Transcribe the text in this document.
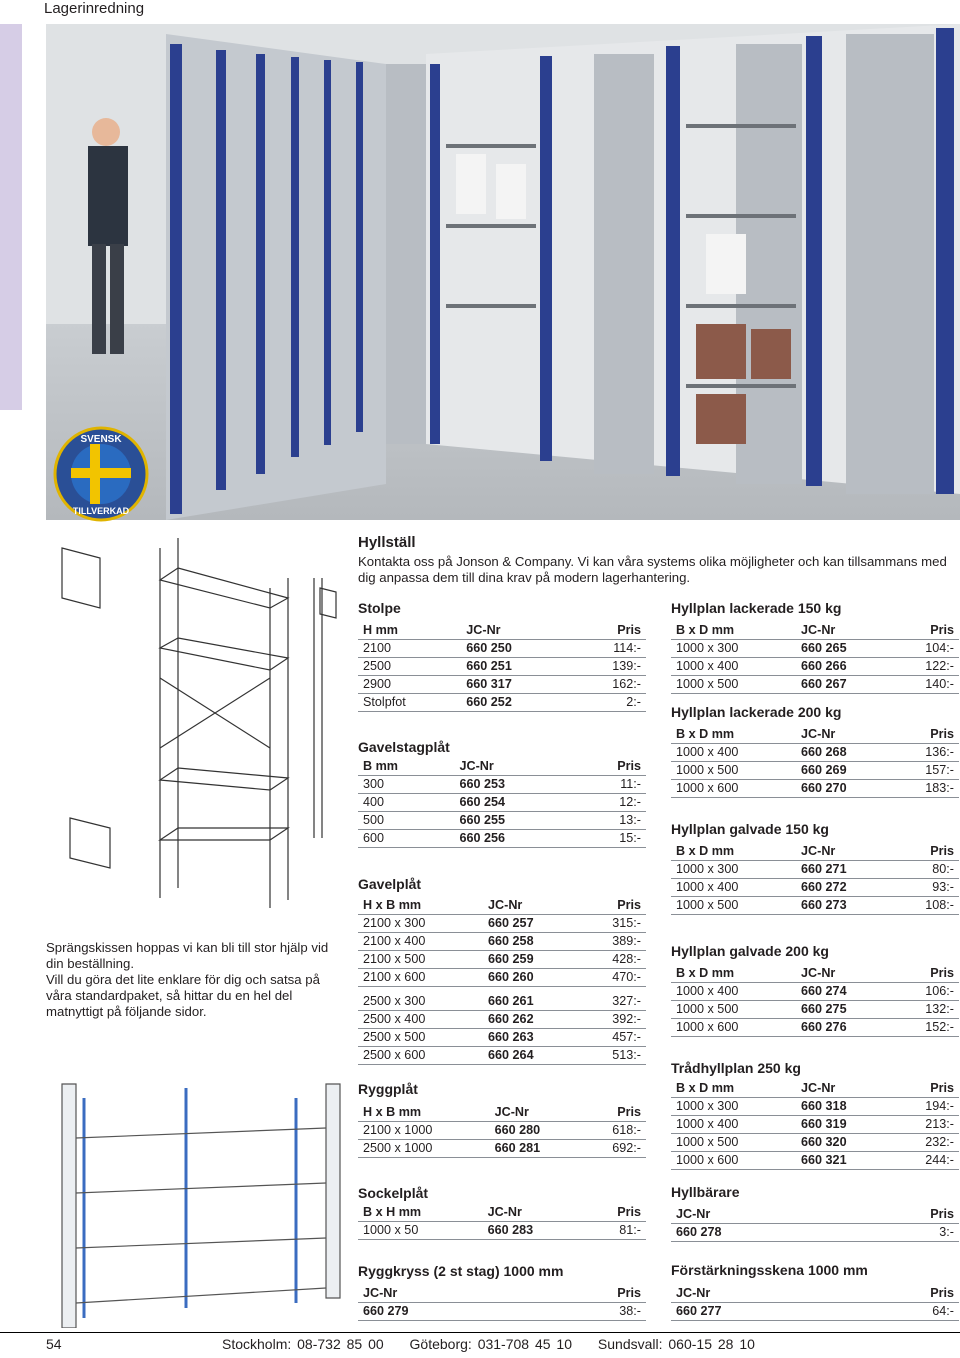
Lagerinredning
SVENSK
TILLVERKAD
Hyllställ
Kontakta oss på Jonson & Company. Vi kan våra systems olika möjligheter och kan tillsammans med dig anpassa dem till dina krav på modern lagerhantering.

Sprängskissen hoppas vi kan bli till stor hjälp vid din beställning.

Vill du göra det lite enklare för dig och satsa på våra standardpaket, så hittar du en hel del matnyttigt på följande sidor.

Stolpe
H mm	JC-Nr	Pris
2100	660 250	114:-
2500	660 251	139:-
2900	660 317	162:-
Stolpfot	660 252	2:-
Gavelstagplåt
B mm	JC-Nr	Pris
300	660 253	11:-
400	660 254	12:-
500	660 255	13:-
600	660 256	15:-
Gavelplåt
H x B mm	JC-Nr	Pris
2100 x 300	660 257	315:-
2100 x 400	660 258	389:-
2100 x 500	660 259	428:-
2100 x 600	660 260	470:-

2500 x 300	660 261	327:-
2500 x 400	660 262	392:-
2500 x 500	660 263	457:-
2500 x 600	660 264	513:-
Ryggplåt
H x B mm	JC-Nr	Pris
2100 x 1000	660 280	618:-
2500 x 1000	660 281	692:-
Sockelplåt
B x H mm	JC-Nr	Pris
1000 x 50	660 283	81:-
Ryggkryss (2 st stag) 1000 mm
JC-Nr	Pris
660 279	38:-
Hyllplan lackerade 150 kg
B x D mm	JC-Nr	Pris
1000 x 300	660 265	104:-
1000 x 400	660 266	122:-
1000 x 500	660 267	140:-
Hyllplan lackerade 200 kg
B x D mm	JC-Nr	Pris
1000 x 400	660 268	136:-
1000 x 500	660 269	157:-
1000 x 600	660 270	183:-
Hyllplan galvade 150 kg
B x D mm	JC-Nr	Pris
1000 x 300	660 271	80:-
1000 x 400	660 272	93:-
1000 x 500	660 273	108:-
Hyllplan galvade 200 kg
B x D mm	JC-Nr	Pris
1000 x 400	660 274	106:-
1000 x 500	660 275	132:-
1000 x 600	660 276	152:-
Trådhyllplan 250 kg
B x D mm	JC-Nr	Pris
1000 x 300	660 318	194:-
1000 x 400	660 319	213:-
1000 x 500	660 320	232:-
1000 x 600	660 321	244:-
Hyllbärare
JC-Nr	Pris
660 278	3:-
Förstärkningsskena 1000 mm
JC-Nr	Pris
660 277	64:-
54	Stockholm: 08-732 85 00 Göteborg: 031-708 45 10 Sundsvall: 060-15 28 10
